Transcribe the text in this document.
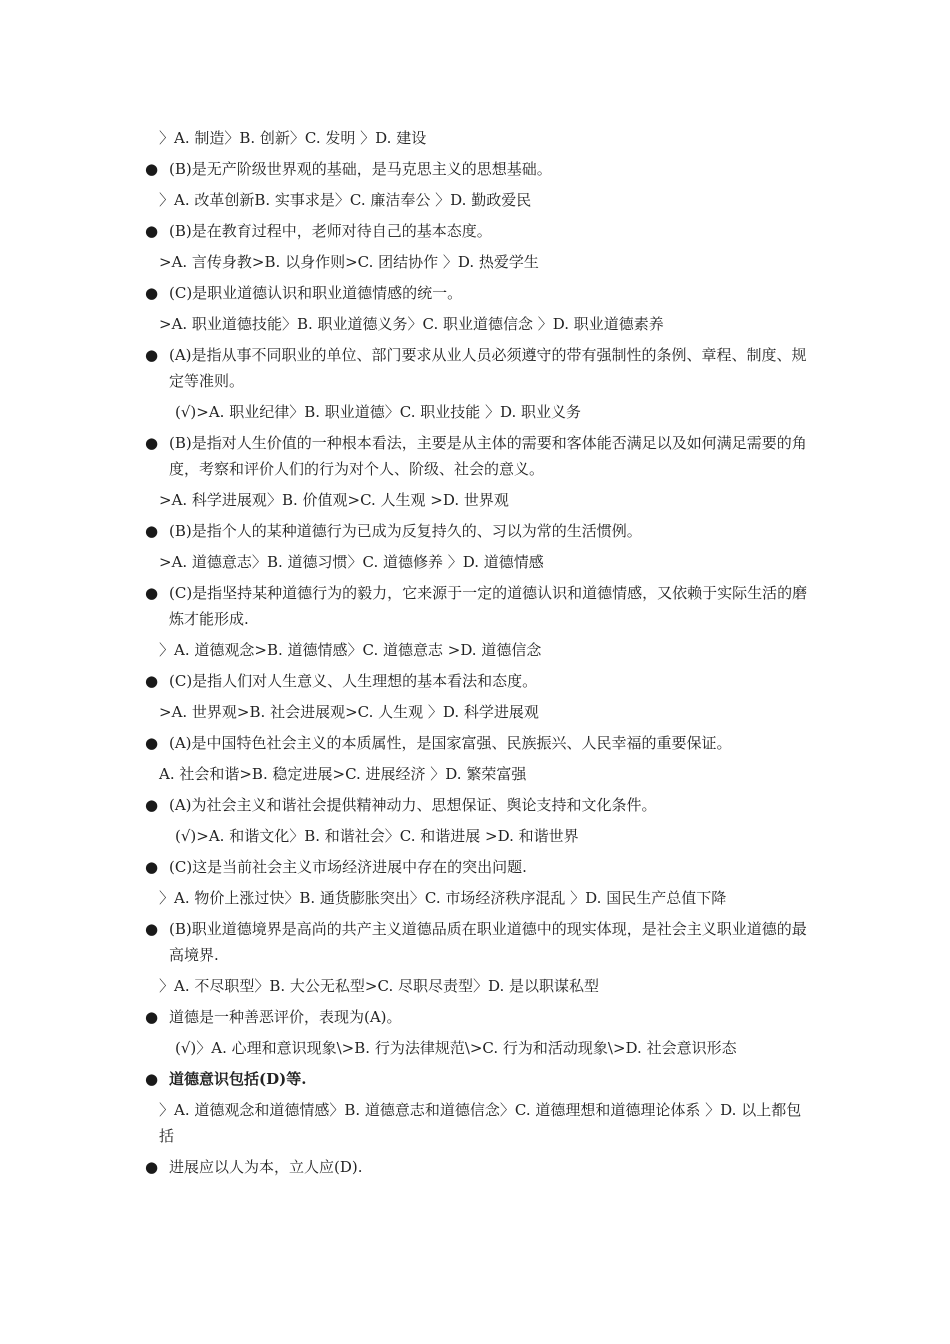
〉A. 制造〉B. 创新〉C. 发明 〉D. 建设
● (B)是无产阶级世界观的基础，是马克思主义的思想基础。
〉A. 改革创新B. 实事求是〉C. 廉洁奉公 〉D. 勤政爱民
● (B)是在教育过程中，老师对待自己的基本态度。
>A. 言传身教>B. 以身作则>C. 团结协作 〉D. 热爱学生
● (C)是职业道德认识和职业道德情感的统一。
>A. 职业道德技能〉B. 职业道德义务〉C. 职业道德信念 〉D. 职业道德素养
● (A)是指从事不同职业的单位、部门要求从业人员必须遵守的带有强制性的条例、章程、制度、规定等准则。
(√)>A. 职业纪律〉B. 职业道德〉C. 职业技能 〉D. 职业义务
● (B)是指对人生价值的一种根本看法，主要是从主体的需要和客体能否满足以及如何满足需要的角度，考察和评价人们的行为对个人、阶级、社会的意义。
>A. 科学进展观〉B. 价值观>C. 人生观 >D. 世界观
● (B)是指个人的某种道德行为已成为反复持久的、习以为常的生活惯例。
>A. 道德意志〉B. 道德习惯〉C. 道德修养 〉D. 道德情感
● (C)是指坚持某种道德行为的毅力，它来源于一定的道德认识和道德情感，又依赖于实际生活的磨炼才能形成.
〉A. 道德观念>B. 道德情感〉C. 道德意志 >D. 道德信念
● (C)是指人们对人生意义、人生理想的基本看法和态度。
>A. 世界观>B. 社会进展观>C. 人生观 〉D. 科学进展观
● (A)是中国特色社会主义的本质属性，是国家富强、民族振兴、人民幸福的重要保证。
A. 社会和谐>B. 稳定进展>C. 进展经济 〉D. 繁荣富强
● (A)为社会主义和谐社会提供精神动力、思想保证、舆论支持和文化条件。
(√)>A. 和谐文化〉B. 和谐社会〉C. 和谐进展 >D. 和谐世界
● (C)这是当前社会主义市场经济进展中存在的突出问题.
〉A. 物价上涨过快〉B. 通货膨胀突出〉C. 市场经济秩序混乱 〉D. 国民生产总值下降
● (B)职业道德境界是高尚的共产主义道德品质在职业道德中的现实体现，是社会主义职业道德的最高境界.
〉A. 不尽职型〉B. 大公无私型>C. 尽职尽责型〉D. 是以职谋私型
● 道德是一种善恶评价，表现为(A)。
(√)〉A. 心理和意识现象\>B. 行为法律规范\>C. 行为和活动现象\>D. 社会意识形态
● 道德意识包括(D)等.
〉A. 道德观念和道德情感〉B. 道德意志和道德信念〉C. 道德理想和道德理论体系 〉D. 以上都包括
● 进展应以人为本，立人应(D).
